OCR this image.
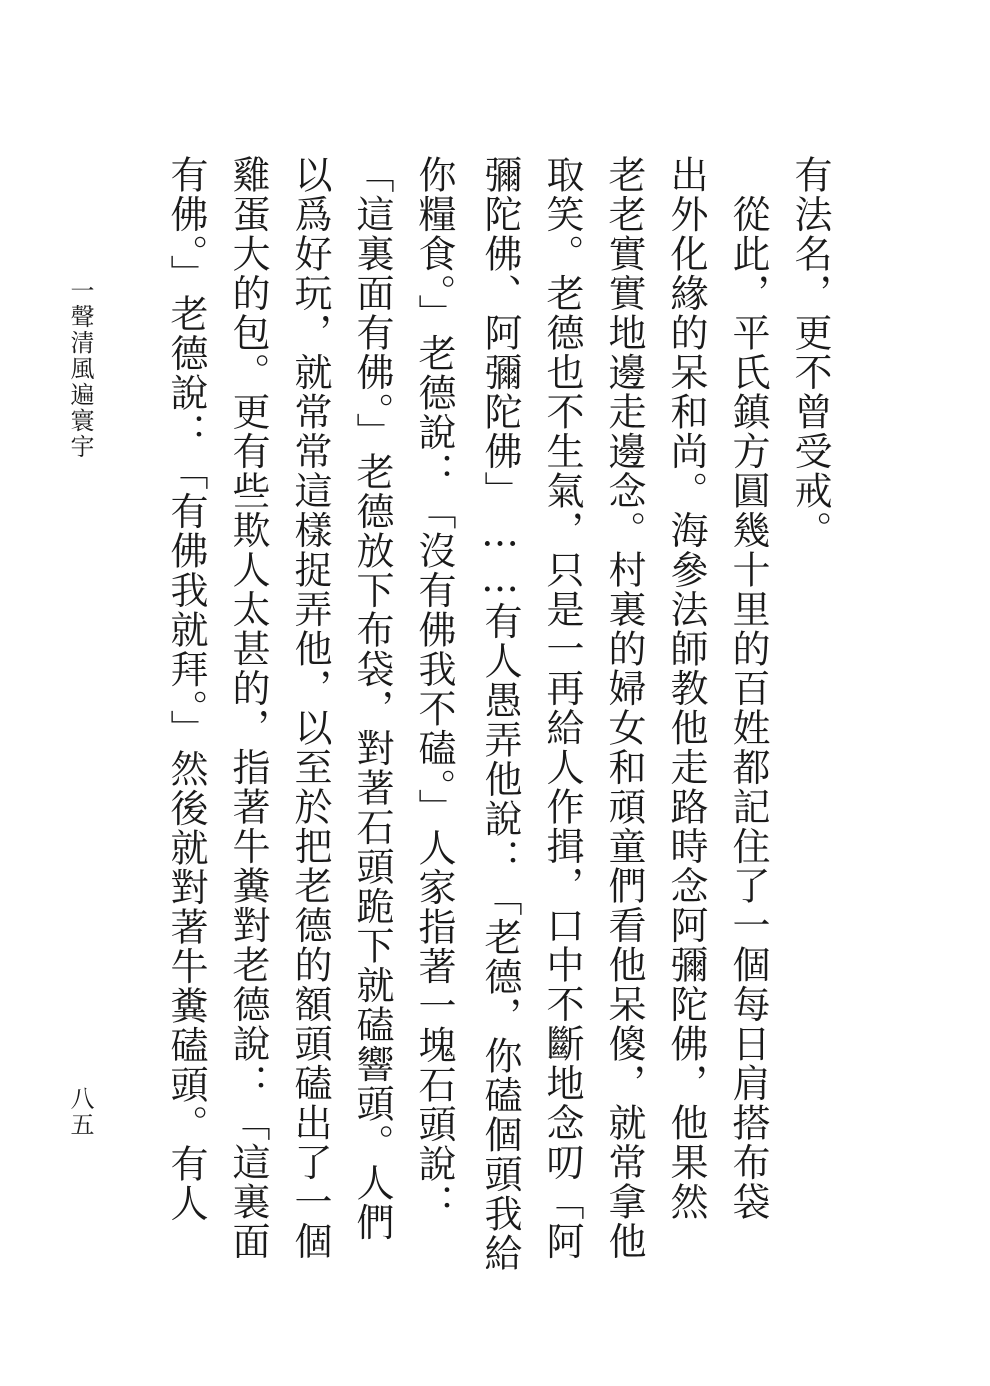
有法名，更不曾受戒。
　從此，平氏鎮方圓幾十里的百姓都記住了一個每日肩搭布袋
出外化緣的呆和尚。海參法師教他走路時念阿彌陀佛，他果然
老老實實地邊走邊念。村裏的婦女和頑童們看他呆傻，就常拿他
取笑。老德也不生氣，只是一再給人作揖，口中不斷地念叨「阿
彌陀佛、阿彌陀佛」……有人愚弄他說：「老德，你磕個頭我給
你糧食。」老德說：「沒有佛我不磕。」人家指著一塊石頭說：
「這裏面有佛。」老德放下布袋，對著石頭跪下就磕響頭。人們
以爲好玩，就常常這樣捉弄他，以至於把老德的額頭磕出了一個
雞蛋大的包。更有些欺人太甚的，指著牛糞對老德說：「這裏面
有佛。」老德說：「有佛我就拜。」然後就對著牛糞磕頭。有人
一聲清風遍寰宇
八五
